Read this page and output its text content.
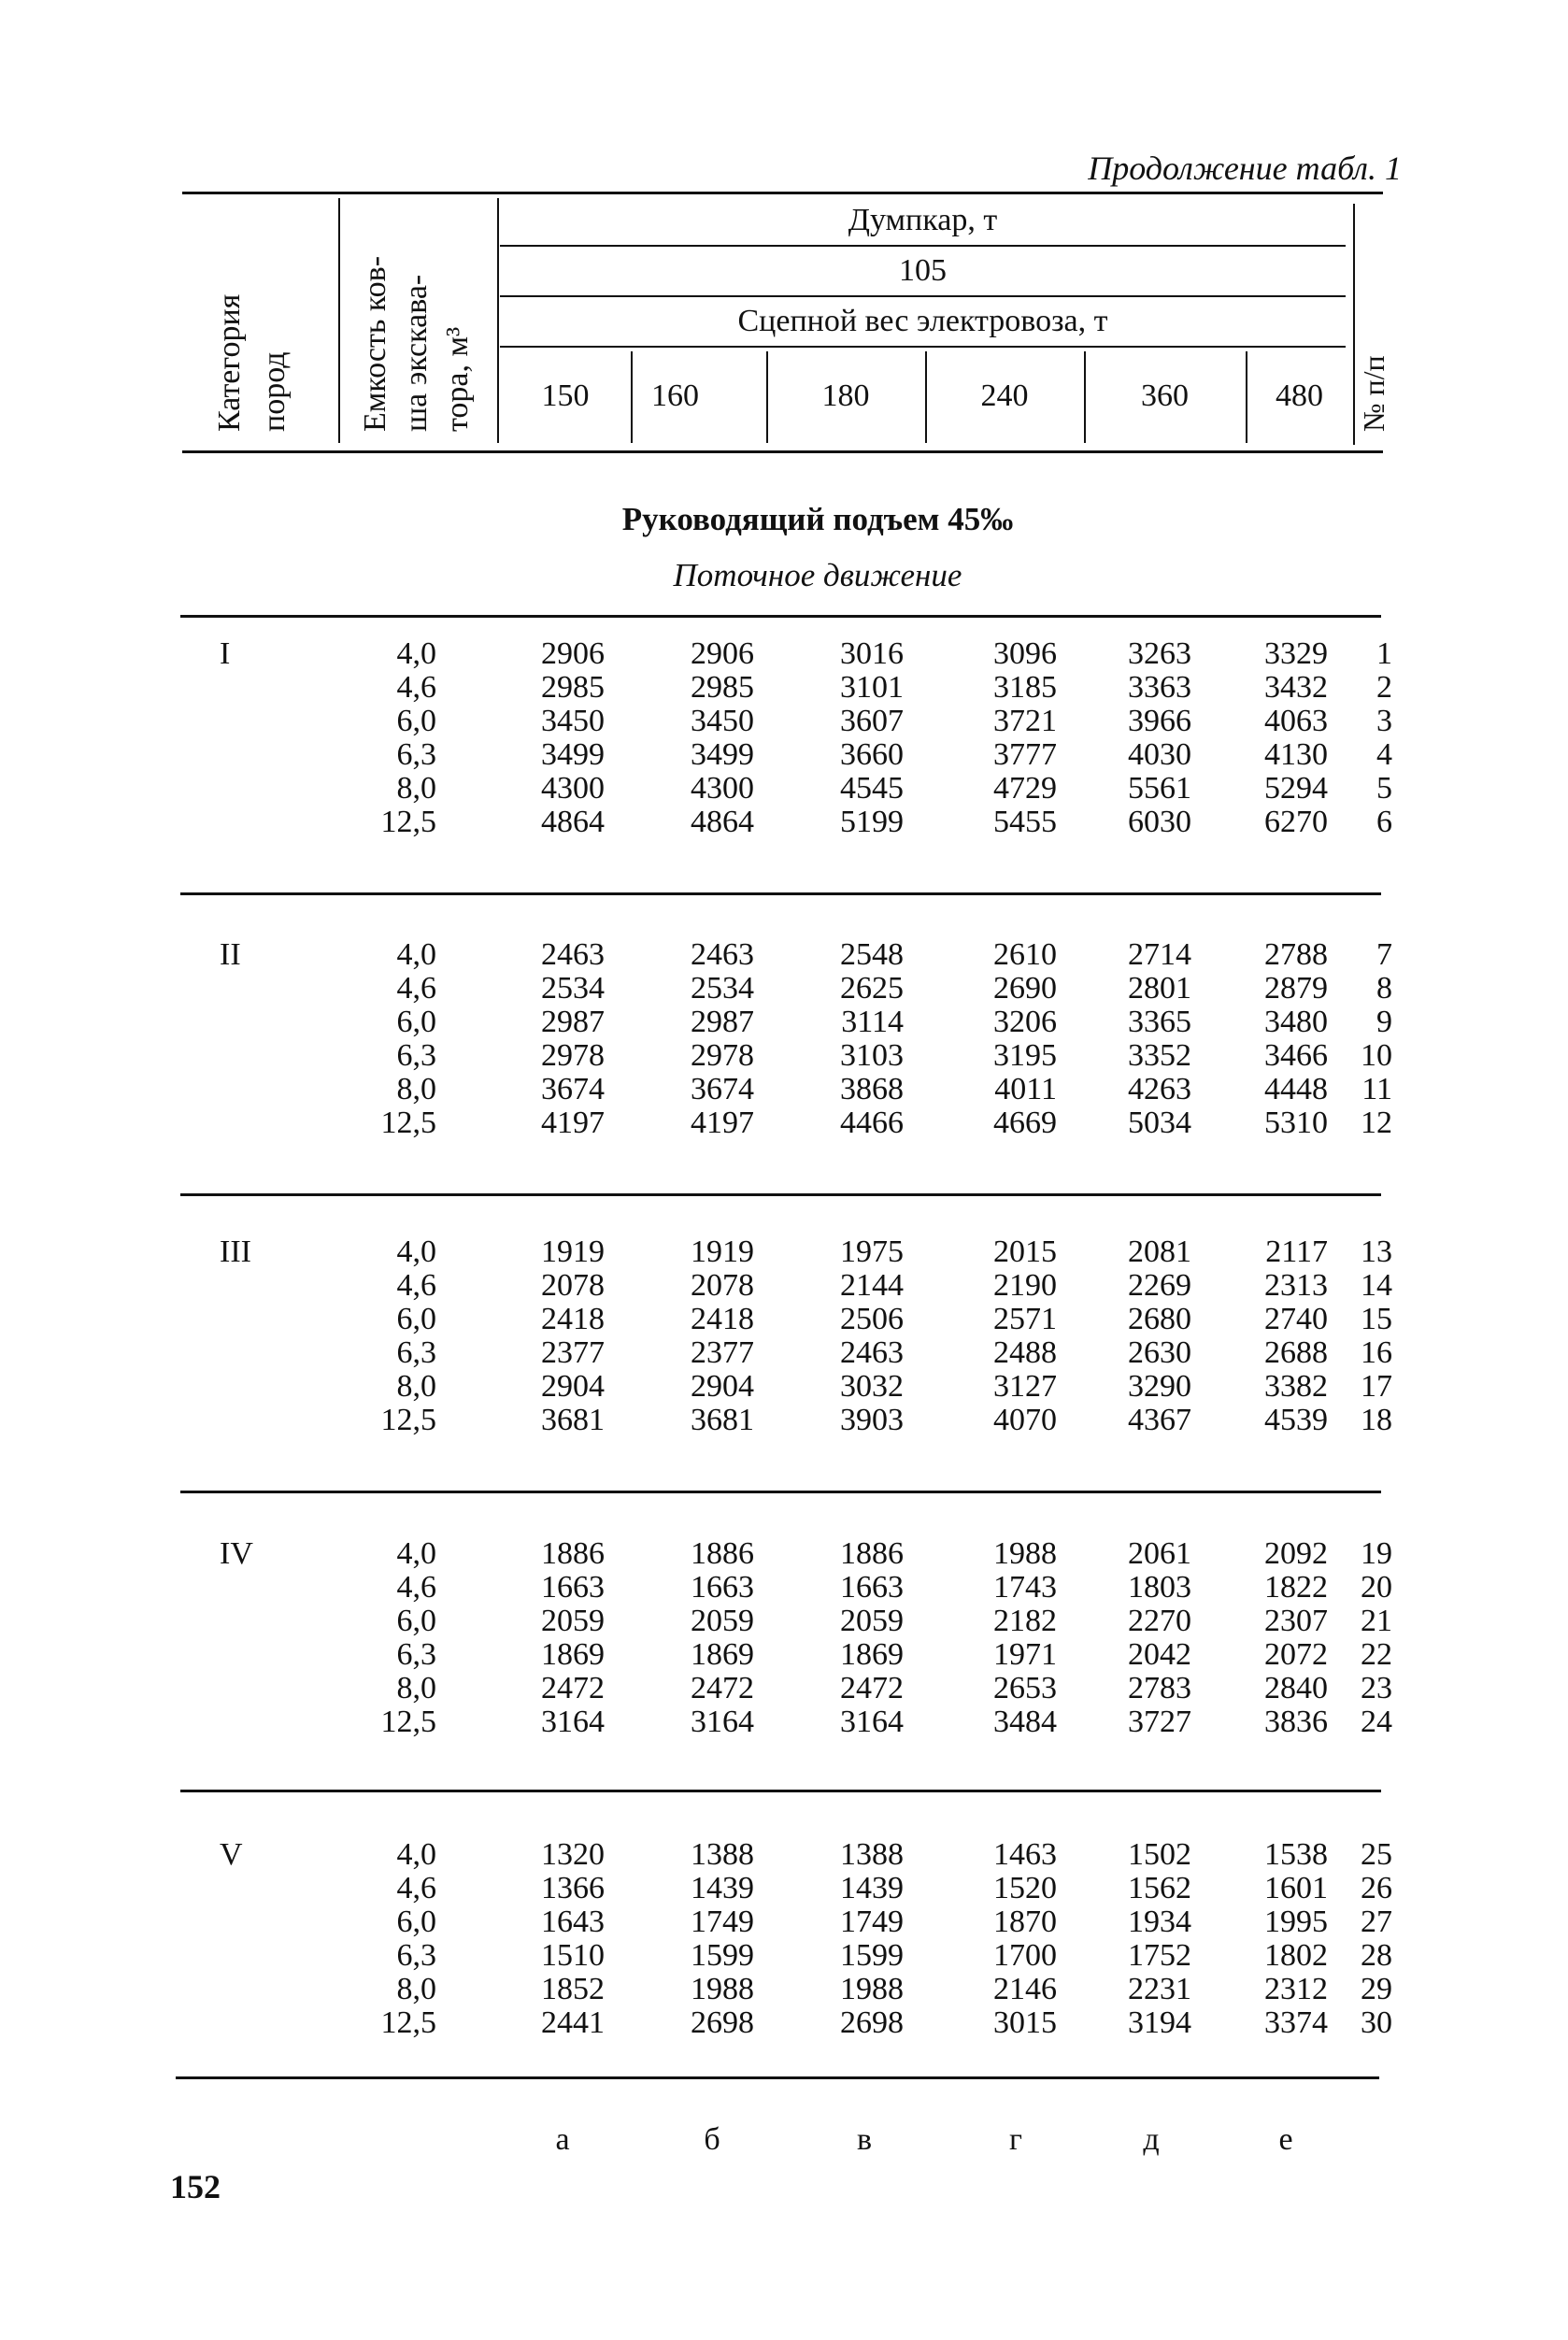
Продолжение табл. 1
Категория пород Емкость ков- ша экскава- тора, м³	№ п/п
Думпкар, т
105
Сцепной вес электровоза, т
150	160	180	240	360	480
Руководящий подъем 45‰
Поточное движение
I	4,0	2906	2906	3016	3096	3263	3329	1
4,6	2985	2985	3101	3185	3363	3432	2
6,0	3450	3450	3607	3721	3966	4063	3
6,3	3499	3499	3660	3777	4030	4130	4
8,0	4300	4300	4545	4729	5561	5294	5
12,5	4864	4864	5199	5455	6030	6270	6
II	4,0	2463	2463	2548	2610	2714	2788	7
4,6	2534	2534	2625	2690	2801	2879	8
6,0	2987	2987	3114	3206	3365	3480	9
6,3	2978	2978	3103	3195	3352	3466	10
8,0	3674	3674	3868	4011	4263	4448	11
12,5	4197	4197	4466	4669	5034	5310	12
III	4,0	1919	1919	1975	2015	2081	2117	13
4,6	2078	2078	2144	2190	2269	2313	14
6,0	2418	2418	2506	2571	2680	2740	15
6,3	2377	2377	2463	2488	2630	2688	16
8,0	2904	2904	3032	3127	3290	3382	17
12,5	3681	3681	3903	4070	4367	4539	18
IV	4,0	1886	1886	1886	1988	2061	2092	19
4,6	1663	1663	1663	1743	1803	1822	20
6,0	2059	2059	2059	2182	2270	2307	21
6,3	1869	1869	1869	1971	2042	2072	22
8,0	2472	2472	2472	2653	2783	2840	23
12,5	3164	3164	3164	3484	3727	3836	24
V	4,0	1320	1388	1388	1463	1502	1538	25
4,6	1366	1439	1439	1520	1562	1601	26
6,0	1643	1749	1749	1870	1934	1995	27
6,3	1510	1599	1599	1700	1752	1802	28
8,0	1852	1988	1988	2146	2231	2312	29
12,5	2441	2698	2698	3015	3194	3374	30
а	б	в	г	д	е
152
